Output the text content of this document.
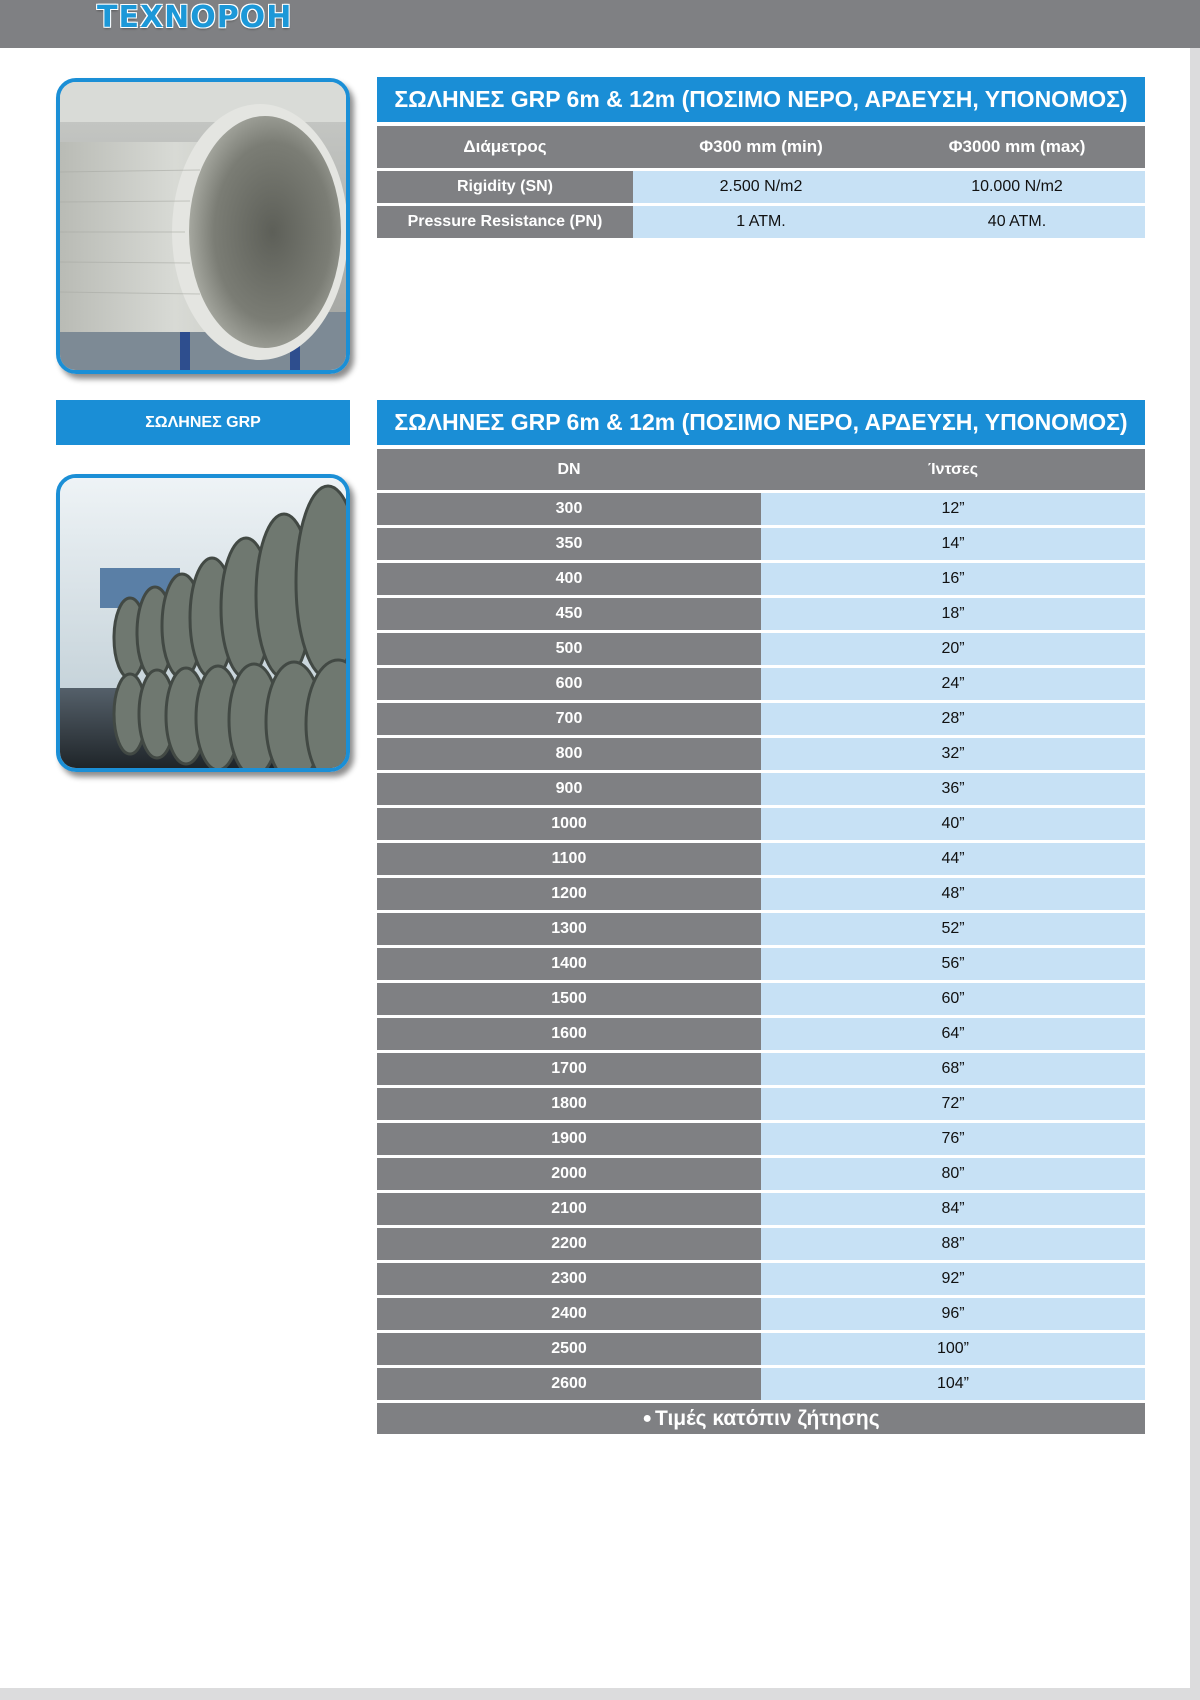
ΤΕΧΝΟΡΟΗ
ΣΩΛΗΝΕΣ GRP
ΣΩΛΗΝΕΣ GRP 6m & 12m (ΠΟΣΙΜΟ ΝΕΡΟ, ΑΡΔΕΥΣΗ, ΥΠΟΝΟΜΟΣ)
Διάμετρος	Φ300 mm (min)	Φ3000 mm (max)
Rigidity (SN)	2.500 N/m2	10.000 N/m2
Pressure Resistance (PN)	1 ATM.	40 ATM.
ΣΩΛΗΝΕΣ GRP 6m & 12m (ΠΟΣΙΜΟ ΝΕΡΟ, ΑΡΔΕΥΣΗ, ΥΠΟΝΟΜΟΣ)
DN	Ίντσες
300	12”
350	14”
400	16”
450	18”
500	20”
600	24”
700	28”
800	32”
900	36”
1000	40”
1100	44”
1200	48”
1300	52”
1400	56”
1500	60”
1600	64”
1700	68”
1800	72”
1900	76”
2000	80”
2100	84”
2200	88”
2300	92”
2400	96”
2500	100”
2600	104”
● Τιμές κατόπιν ζήτησης
